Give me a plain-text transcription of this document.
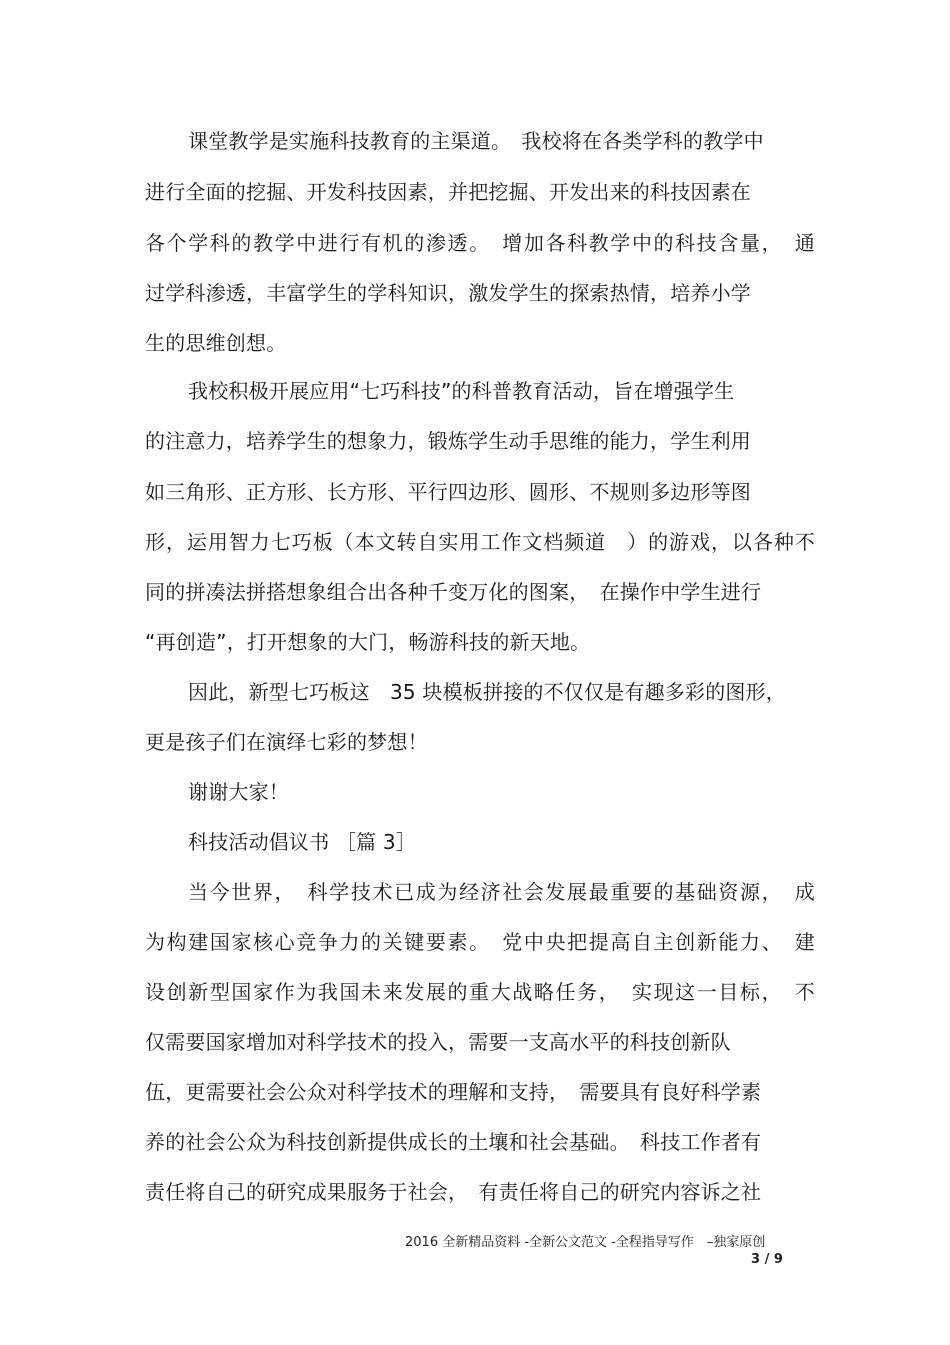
课堂教学是实施科技教育的主渠道。　我校将在各类学科的教学中
进行全面的挖掘、开发科技因素，并把挖掘、开发出来的科技因素在
各个学科的教学中进行有机的渗透。　增加各科教学中的科技含量，　通
过学科渗透，丰富学生的学科知识，激发学生的探索热情，培养小学
生的思维创想。
我校积极开展应用“七巧科技”的科普教育活动，旨在增强学生
的注意力，培养学生的想象力，锻炼学生动手思维的能力，学生利用
如三角形、正方形、长方形、平行四边形、圆形、不规则多边形等图
形，运用智力七巧板（本文转自实用工作文档频道　）的游戏，以各种不
同的拼凑法拼搭想象组合出各种千变万化的图案，　在操作中学生进行
“再创造”，打开想象的大门，畅游科技的新天地。
因此，新型七巧板这　35 块模板拼接的不仅仅是有趣多彩的图形，
更是孩子们在演绎七彩的梦想！
谢谢大家！
科技活动倡议书 ［篇 3］
当今世界，　科学技术已成为经济社会发展最重要的基础资源，　成
为构建国家核心竞争力的关键要素。　党中央把提高自主创新能力、　建
设创新型国家作为我国未来发展的重大战略任务，　实现这一目标，　不
仅需要国家增加对科学技术的投入，需要一支高水平的科技创新队
伍，更需要社会公众对科学技术的理解和支持，　需要具有良好科学素
养的社会公众为科技创新提供成长的土壤和社会基础。　科技工作者有
责任将自己的研究成果服务于社会，　有责任将自己的研究内容诉之社
2016 全新精品资料 -全新公文范文 -全程指导写作　–独家原创
3 / 9
